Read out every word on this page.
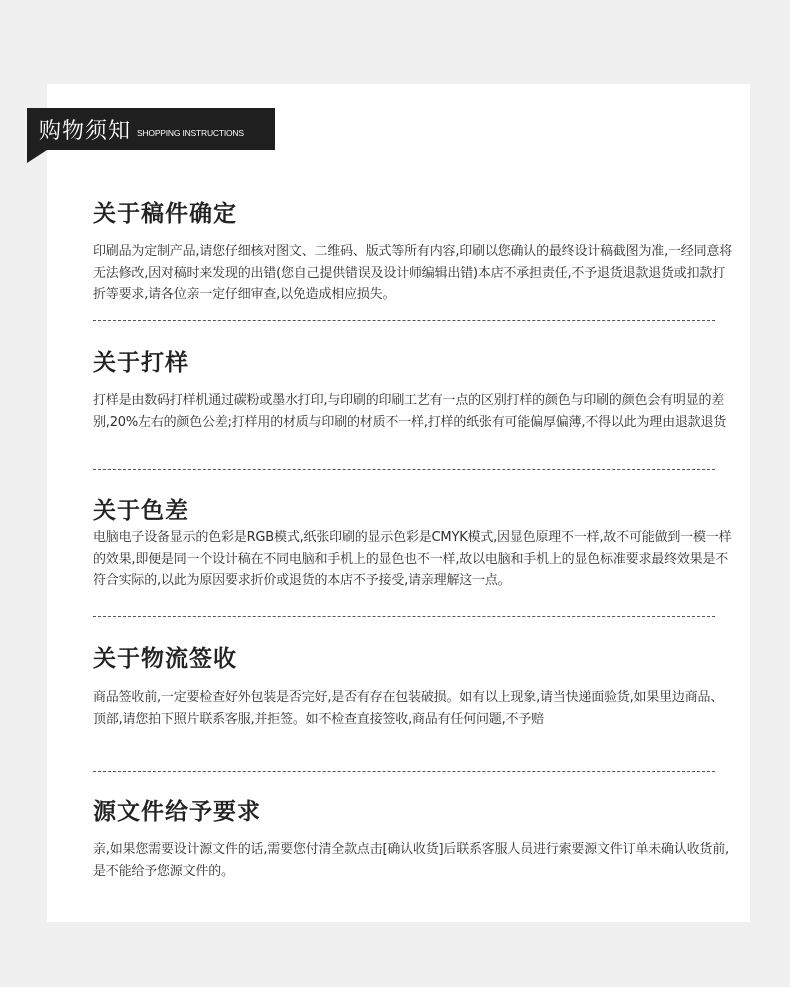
购物须知 SHOPPING INSTRUCTIONS
关于稿件确定

印刷品为定制产品,请您仔细核对图文、二维码、版式等所有内容,印刷以您确认的最终设计稿截图为准,一经同意将无法修改,因对稿时来发现的出错(您自己提供错误及设计师编辑出错)本店不承担责任,不予退货退款退货或扣款打折等要求,请各位亲一定仔细审查,以免造成相应损失。

关于打样

打样是由数码打样机通过碳粉或墨水打印,与印刷的印刷工艺有一点的区别打样的颜色与印刷的颜色会有明显的差别,20%左右的颜色公差;打样用的材质与印刷的材质不一样,打样的纸张有可能偏厚偏薄,不得以此为理由退款退货

关于色差

电脑电子设备显示的色彩是RGB模式,纸张印刷的显示色彩是CMYK模式,因显色原理不一样,故不可能做到一模一样的效果,即便是同一个设计稿在不同电脑和手机上的显色也不一样,故以电脑和手机上的显色标准要求最终效果是不符合实际的,以此为原因要求折价或退货的本店不予接受,请亲理解这一点。

关于物流签收

商品签收前,一定要检查好外包装是否完好,是否有存在包装破损。如有以上现象,请当快递面验货,如果里边商品、顶部,请您拍下照片联系客服,并拒签。如不检查直接签收,商品有任何问题,不予赔

源文件给予要求

亲,如果您需要设计源文件的话,需要您付清全款点击[确认收货]后联系客服人员进行索要源文件订单未确认收货前,是不能给予您源文件的。
